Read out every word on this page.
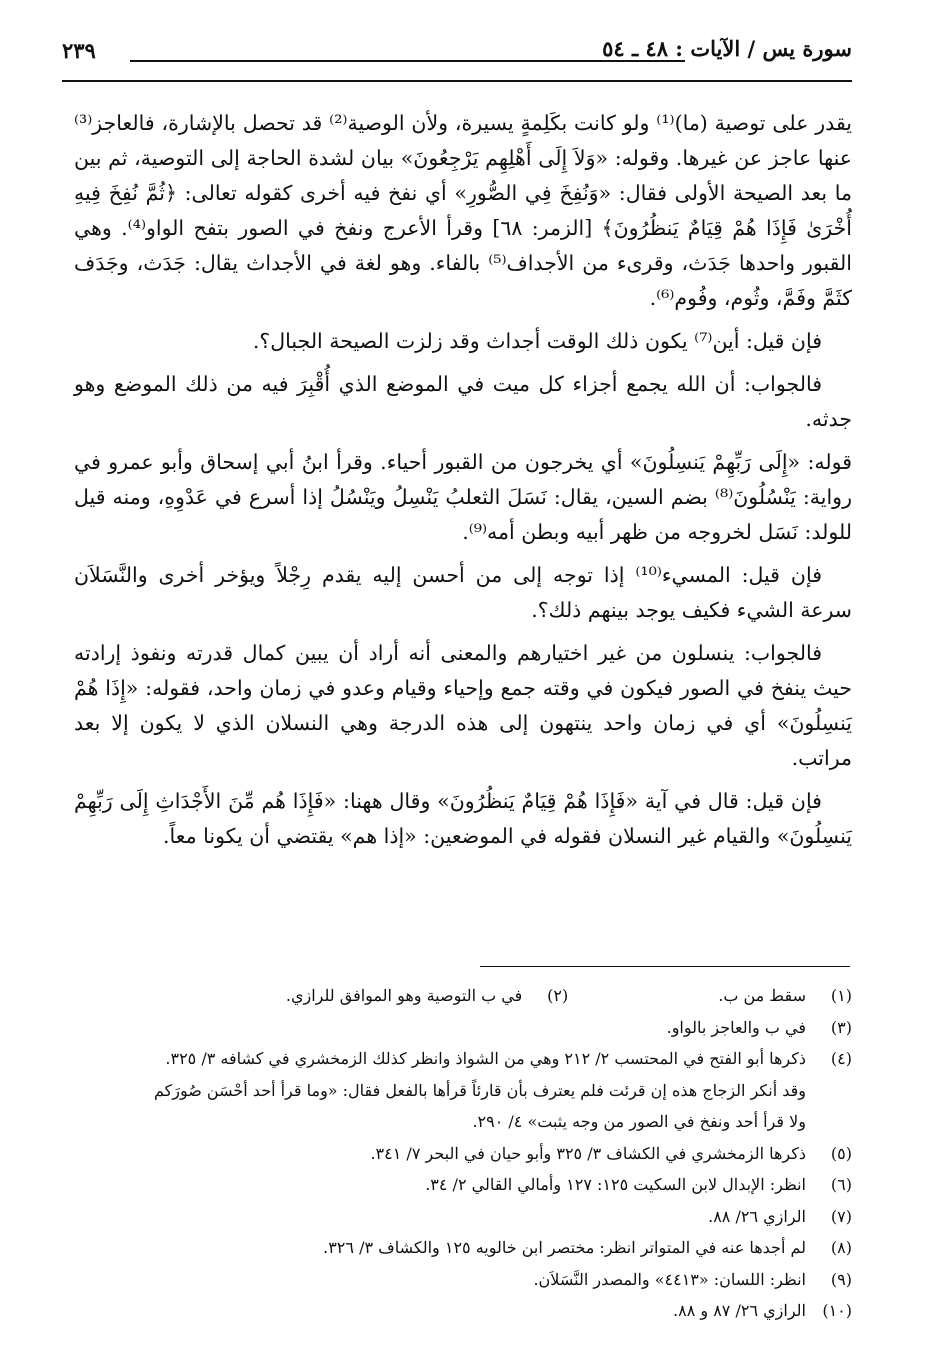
سورة يس / الآيات : ٤٨ ـ ٥٤
٢٣٩

يقدر على توصية (ما)⁽¹⁾ ولو كانت بكَلِمةٍ يسيرة، ولأن الوصية⁽²⁾ قد تحصل بالإشارة، فالعاجز⁽³⁾ عنها عاجز عن غيرها. وقوله: «وَلاَ إِلَى أَهْلِهِم يَرْجِعُونَ» بيان لشدة الحاجة إلى التوصية، ثم بين ما بعد الصيحة الأولى فقال: «وَنُفِخَ فِي الصُّورِ» أي نفخ فيه أخرى كقوله تعالى: ﴿ثُمَّ نُفِخَ فِيهِ أُخْرَىٰ فَإِذَا هُمْ قِيَامٌ يَنظُرُونَ﴾ [الزمر: ٦٨] وقرأ الأعرج ونفخ في الصور بتفح الواو⁽⁴⁾. وهي القبور واحدها جَدَث، وقرىء من الأجداف⁽⁵⁾ بالفاء. وهو لغة في الأجداث يقال: جَدَث، وجَدَف كثَمَّ وفَمَّ، وثُوم، وفُوم⁽⁶⁾.

فإن قيل: أين⁽⁷⁾ يكون ذلك الوقت أجداث وقد زلزت الصيحة الجبال؟.

فالجواب: أن الله يجمع أجزاء كل ميت في الموضع الذي أُقْبِرَ فيه من ذلك الموضع وهو جدثه.

قوله: «إِلَى رَبِّهِمْ يَنسِلُونَ» أي يخرجون من القبور أحياء. وقرأ ابنُ أبي إسحاق وأبو عمرو في رواية: يَنْسُلُونَ⁽⁸⁾ بضم السين، يقال: نَسَلَ الثعلبُ يَنْسِلُ ويَنْسُلُ إذا أسرع في عَدْوِهِ، ومنه قيل للولد: نَسَل لخروجه من ظهر أبيه وبطن أمه⁽⁹⁾.

فإن قيل: المسيء⁽¹⁰⁾ إذا توجه إلى من أحسن إليه يقدم رِجْلاً ويؤخر أخرى والنَّسَلاَن سرعة الشيء فكيف يوجد بينهم ذلك؟.

فالجواب: ينسلون من غير اختيارهم والمعنى أنه أراد أن يبين كمال قدرته ونفوذ إرادته حيث ينفخ في الصور فيكون في وقته جمع وإحياء وقيام وعدو في زمان واحد، فقوله: «إِذَا هُمْ يَنسِلُونَ» أي في زمان واحد ينتهون إلى هذه الدرجة وهي النسلان الذي لا يكون إلا بعد مراتب.

فإن قيل: قال في آية «فَإِذَا هُمْ قِيَامٌ يَنظُرُونَ» وقال ههنا: «فَإِذَا هُم مِّنَ الأَجْدَاثِ إِلَى رَبِّهِمْ يَنسِلُونَ» والقيام غير النسلان فقوله في الموضعين: «إذا هم» يقتضي أن يكونا معاً.

(١)
سقط من ب.
(٢)
في ب التوصية وهو الموافق للرازي.
(٣)
في ب والعاجز بالواو.
(٤)
ذكرها أبو الفتح في المحتسب ٢/ ٢١٢ وهي من الشواذ وانظر كذلك الزمخشري في كشافه ٣/ ٣٢٥.
وقد أنكر الزجاج هذه إن قرئت فلم يعترف بأن قارئاً قرأها بالفعل فقال: «وما قرأ أحد أحْسَن صُورَكم
ولا قرأ أحد ونفخ في الصور من وجه يثبت» ٤/ ٢٩٠.
(٥)
ذكرها الزمخشري في الكشاف ٣/ ٣٢٥ وأبو حيان في البحر ٧/ ٣٤١.
(٦)
انظر: الإبدال لابن السكيت ١٢٥: ١٢٧ وأمالي القالي ٢/ ٣٤.
(٧)
الرازي ٢٦/ ٨٨.
(٨)
لم أجدها عنه في المتواتر انظر: مختصر ابن خالويه ١٢٥ والكشاف ٣/ ٣٢٦.
(٩)
انظر: اللسان: «٤٤١٣» والمصدر النَّسَلاَن.
(١٠)
الرازي ٢٦/ ٨٧ و ٨٨.
